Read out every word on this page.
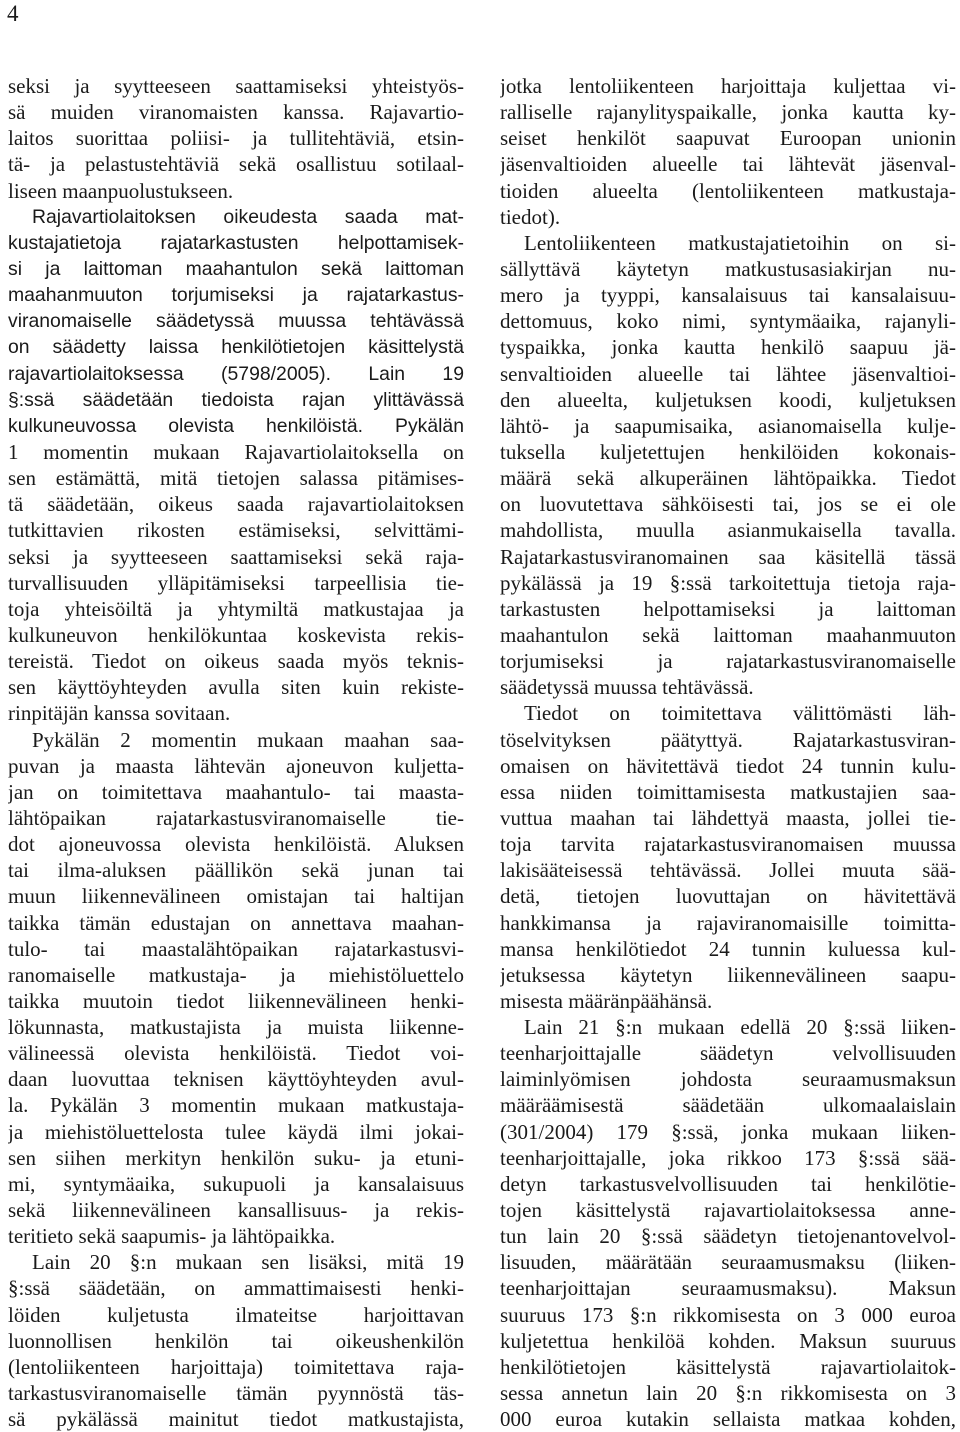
4
seksi ja syytteeseen saattamiseksi yhteistyös-
sä muiden viranomaisten kanssa. Rajavartio-
laitos suorittaa poliisi- ja tullitehtäviä, etsin-
tä- ja pelastustehtäviä sekä osallistuu sotilaal-
liseen maanpuolustukseen.
Rajavartiolaitoksen oikeudesta saada mat-
kustajatietoja rajatarkastusten helpottamisek-
si ja laittoman maahantulon sekä laittoman
maahanmuuton torjumiseksi ja rajatarkastus-
viranomaiselle säädetyssä muussa tehtävässä
on säädetty laissa henkilötietojen käsittelystä
rajavartiolaitoksessa (5798/2005). Lain 19
§:ssä säädetään tiedoista rajan ylittävässä
kulkuneuvossa olevista henkilöistä. Pykälän
1 momentin mukaan Rajavartiolaitoksella on
sen estämättä, mitä tietojen salassa pitämises-
tä säädetään, oikeus saada rajavartiolaitoksen
tutkittavien rikosten estämiseksi, selvittämi-
seksi ja syytteeseen saattamiseksi sekä raja-
turvallisuuden ylläpitämiseksi tarpeellisia tie-
toja yhteisöiltä ja yhtymiltä matkustajaa ja
kulkuneuvon henkilökuntaa koskevista rekis-
tereistä. Tiedot on oikeus saada myös teknis-
sen käyttöyhteyden avulla siten kuin rekiste-
rinpitäjän kanssa sovitaan.
Pykälän 2 momentin mukaan maahan saa-
puvan ja maasta lähtevän ajoneuvon kuljetta-
jan on toimitettava maahantulo- tai maasta-
lähtöpaikan rajatarkastusviranomaiselle tie-
dot ajoneuvossa olevista henkilöistä. Aluksen
tai ilma-aluksen päällikön sekä junan tai
muun liikennevälineen omistajan tai haltijan
taikka tämän edustajan on annettava maahan-
tulo- tai maastalähtöpaikan rajatarkastusvi-
ranomaiselle matkustaja- ja miehistöluettelo
taikka muutoin tiedot liikennevälineen henki-
lökunnasta, matkustajista ja muista liikenne-
välineessä olevista henkilöistä. Tiedot voi-
daan luovuttaa teknisen käyttöyhteyden avul-
la. Pykälän 3 momentin mukaan matkustaja-
ja miehistöluettelosta tulee käydä ilmi jokai-
sen siihen merkityn henkilön suku- ja etuni-
mi, syntymäaika, sukupuoli ja kansalaisuus
sekä liikennevälineen kansallisuus- ja rekis-
teritieto sekä saapumis- ja lähtöpaikka.
Lain 20 §:n mukaan sen lisäksi, mitä 19
§:ssä säädetään, on ammattimaisesti henki-
löiden kuljetusta ilmateitse harjoittavan
luonnollisen henkilön tai oikeushenkilön
(lentoliikenteen harjoittaja) toimitettava raja-
tarkastusviranomaiselle tämän pyynnöstä täs-
sä pykälässä mainitut tiedot matkustajista,
jotka lentoliikenteen harjoittaja kuljettaa vi-
ralliselle rajanylityspaikalle, jonka kautta ky-
seiset henkilöt saapuvat Euroopan unionin
jäsenvaltioiden alueelle tai lähtevät jäsenval-
tioiden alueelta (lentoliikenteen matkustaja-
tiedot).
Lentoliikenteen matkustajatietoihin on si-
sällyttävä käytetyn matkustusasiakirjan nu-
mero ja tyyppi, kansalaisuus tai kansalaisuu-
dettomuus, koko nimi, syntymäaika, rajanyli-
tyspaikka, jonka kautta henkilö saapuu jä-
senvaltioiden alueelle tai lähtee jäsenvaltioi-
den alueelta, kuljetuksen koodi, kuljetuksen
lähtö- ja saapumisaika, asianomaisella kulje-
tuksella kuljetettujen henkilöiden kokonais-
määrä sekä alkuperäinen lähtöpaikka. Tiedot
on luovutettava sähköisesti tai, jos se ei ole
mahdollista, muulla asianmukaisella tavalla.
Rajatarkastusviranomainen saa käsitellä tässä
pykälässä ja 19 §:ssä tarkoitettuja tietoja raja-
tarkastusten helpottamiseksi ja laittoman
maahantulon sekä laittoman maahanmuuton
torjumiseksi ja rajatarkastusviranomaiselle
säädetyssä muussa tehtävässä.
Tiedot on toimitettava välittömästi läh-
töselvityksen päätyttyä. Rajatarkastusviran-
omaisen on hävitettävä tiedot 24 tunnin kulu-
essa niiden toimittamisesta matkustajien saa-
vuttua maahan tai lähdettyä maasta, jollei tie-
toja tarvita rajatarkastusviranomaisen muussa
lakisääteisessä tehtävässä. Jollei muuta sää-
detä, tietojen luovuttajan on hävitettävä
hankkimansa ja rajaviranomaisille toimitta-
mansa henkilötiedot 24 tunnin kuluessa kul-
jetuksessa käytetyn liikennevälineen saapu-
misesta määränpäähänsä.
Lain 21 §:n mukaan edellä 20 §:ssä liiken-
teenharjoittajalle säädetyn velvollisuuden
laiminlyömisen johdosta seuraamusmaksun
määräämisestä säädetään ulkomaalaislain
(301/2004) 179 §:ssä, jonka mukaan liiken-
teenharjoittajalle, joka rikkoo 173 §:ssä sää-
detyn tarkastusvelvollisuuden tai henkilötie-
tojen käsittelystä rajavartiolaitoksessa anne-
tun lain 20 §:ssä säädetyn tietojenantovelvol-
lisuuden, määrätään seuraamusmaksu (liiken-
teenharjoittajan seuraamusmaksu). Maksun
suuruus 173 §:n rikkomisesta on 3 000 euroa
kuljetettua henkilöä kohden. Maksun suuruus
henkilötietojen käsittelystä rajavartiolaitok-
sessa annetun lain 20 §:n rikkomisesta on 3
000 euroa kutakin sellaista matkaa kohden,
